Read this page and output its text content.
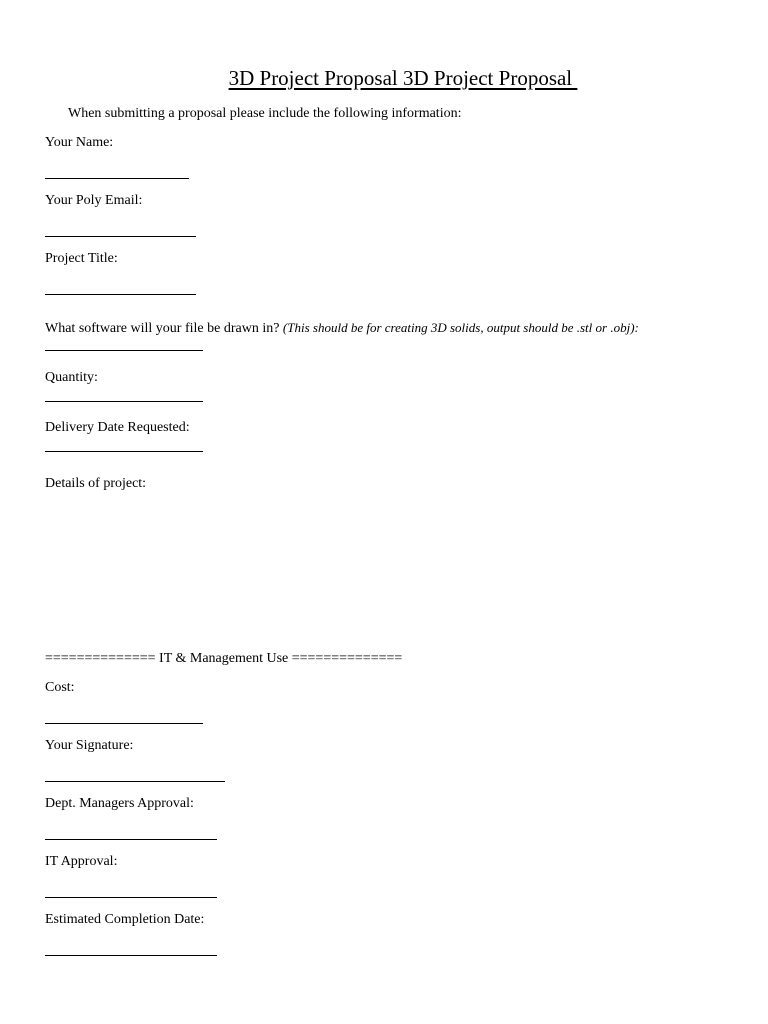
3D Project Proposal 3D Project Proposal
When submitting a proposal please include the following information:
Your Name:
Your Poly Email:
Project Title:
What software will your file be drawn in? (This should be for creating 3D solids, output should be .stl or .obj):
Quantity:
Delivery Date Requested:
Details of project:
============== IT & Management Use ==============
Cost:
Your Signature:
Dept. Managers Approval:
IT Approval:
Estimated Completion Date:
